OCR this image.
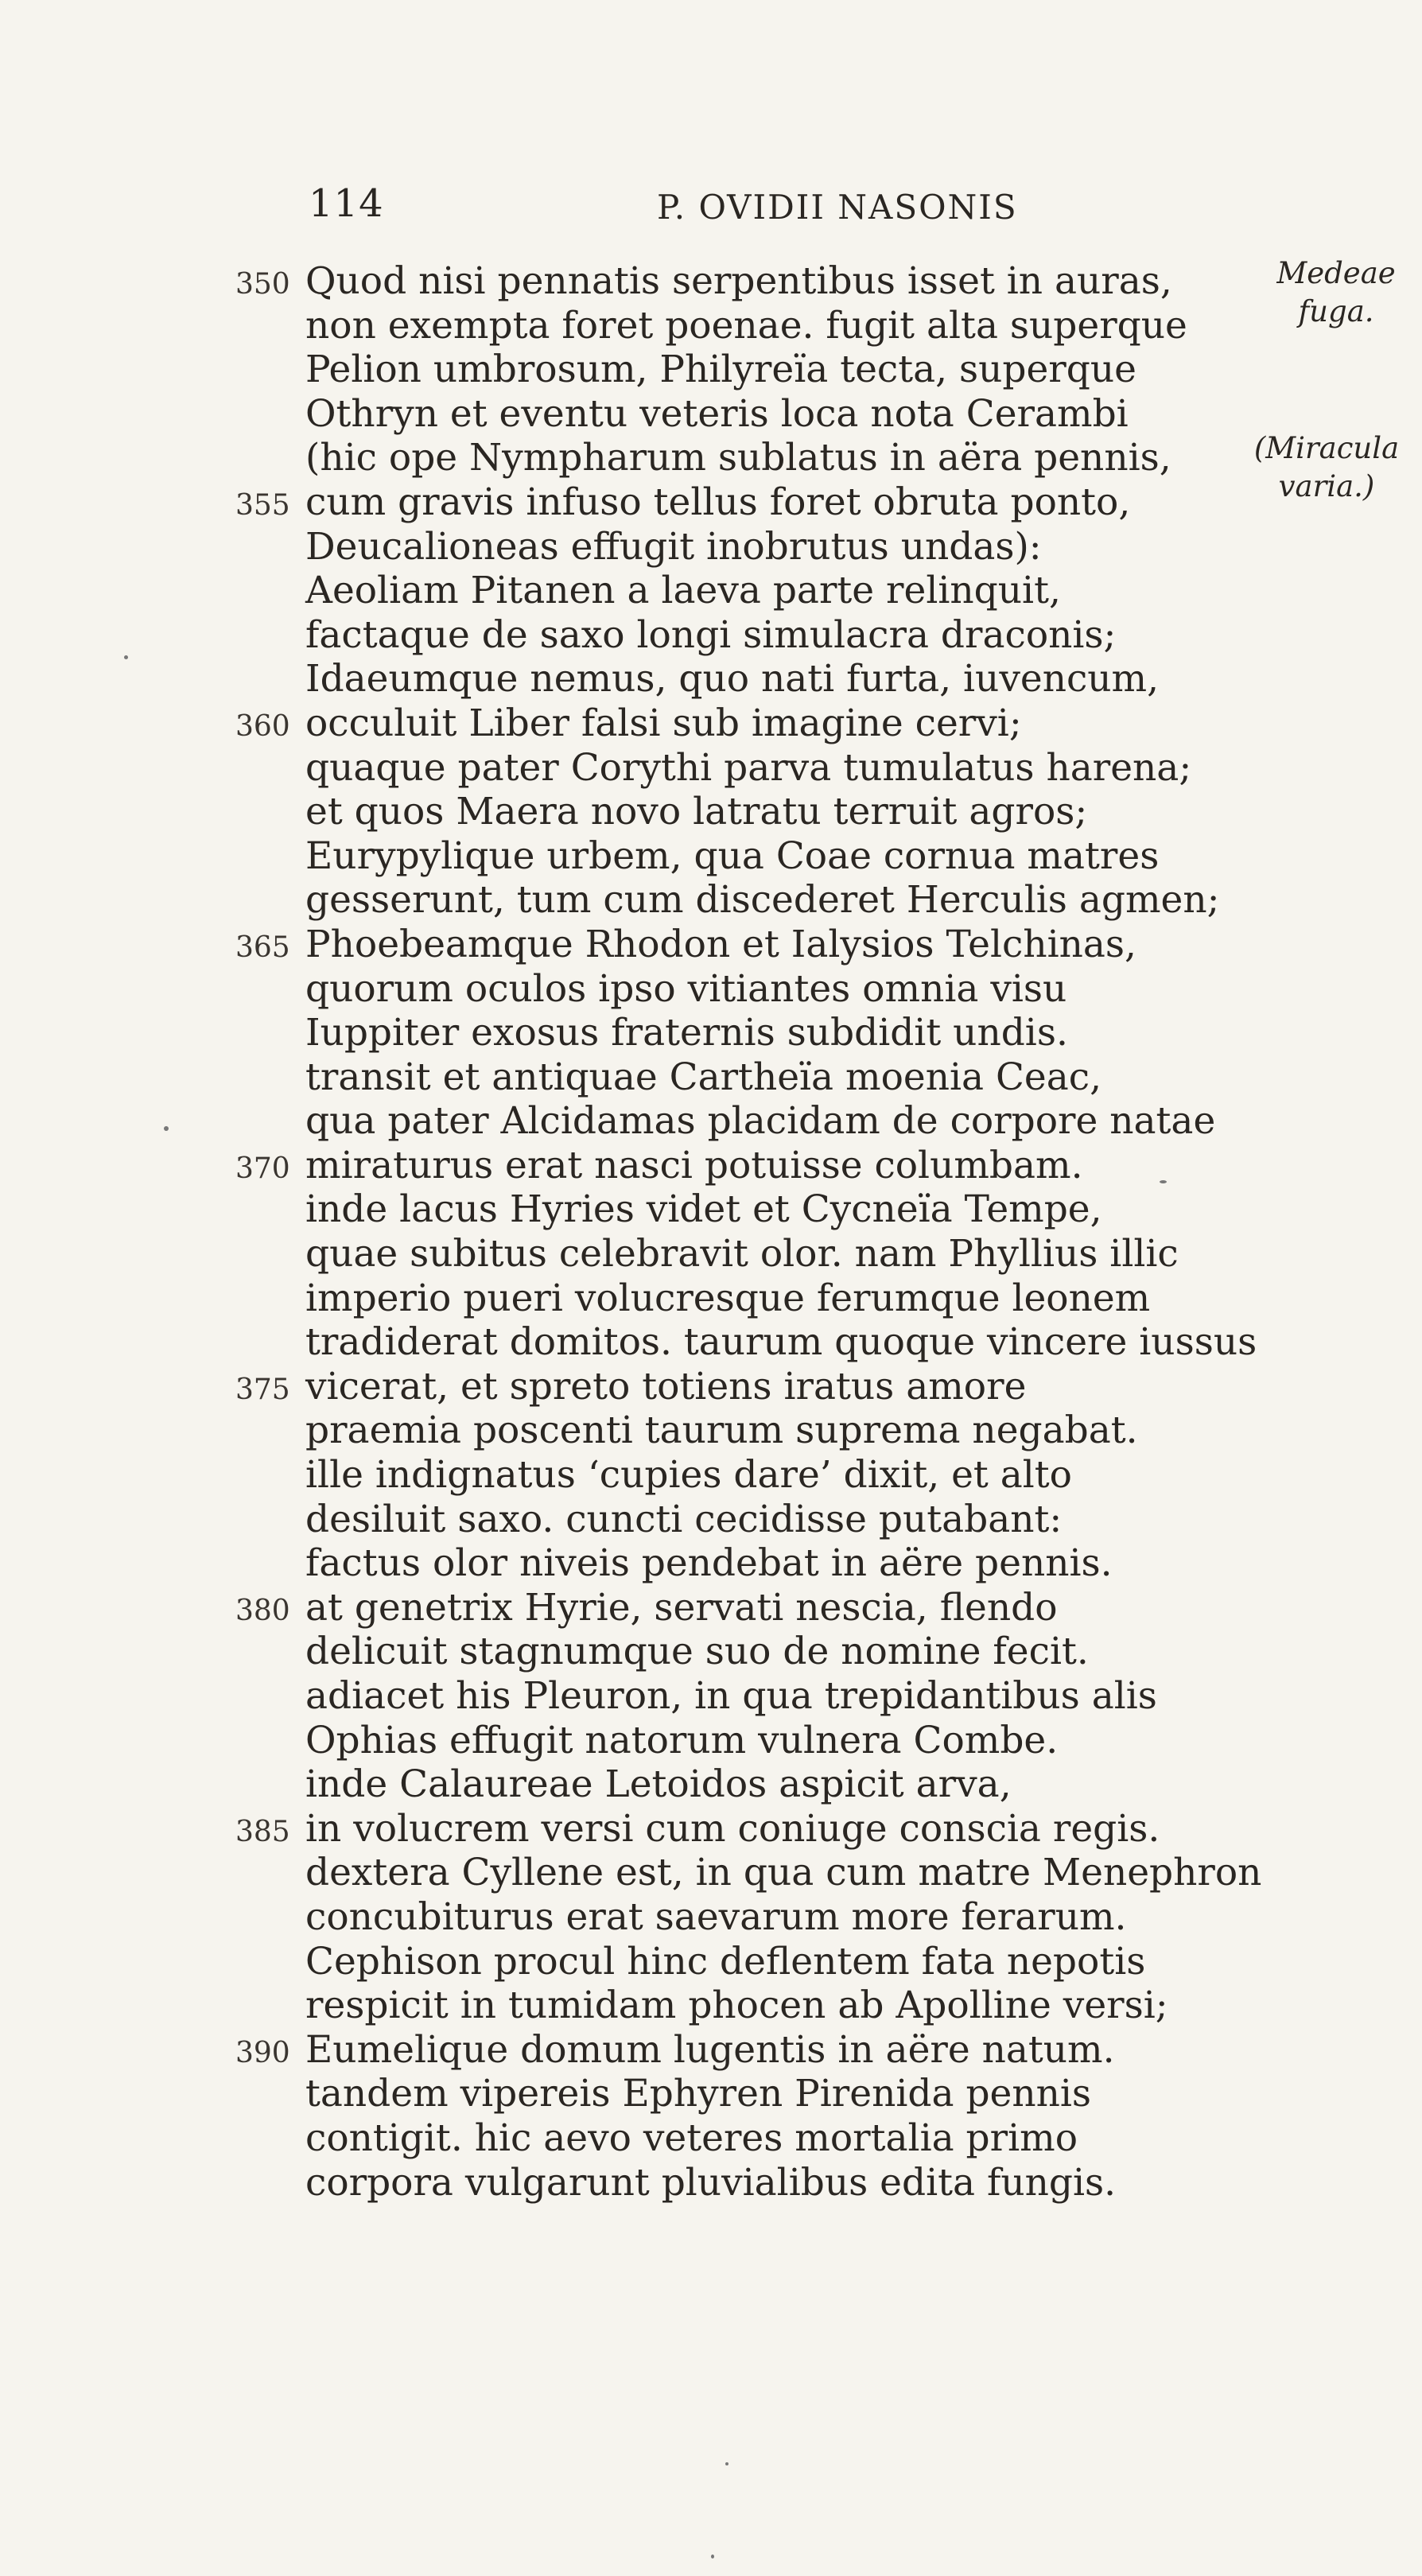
114	P. OVIDII NASONIS
350 Quod nisi pennatis serpentibus isset in auras,
non exempta foret poenae. fugit alta superque
Pelion umbrosum, Philyreïa tecta, superque
Othryn et eventu veteris loca nota Cerambi
(hic ope Nympharum sublatus in aëra pennis,
355 cum gravis infuso tellus foret obruta ponto,
Deucalioneas effugit inobrutus undas):
Aeoliam Pitanen a laeva parte relinquit,
factaque de saxo longi simulacra draconis;
Idaeumque nemus, quo nati furta, iuvencum,
360 occuluit Liber falsi sub imagine cervi;
quaque pater Corythi parva tumulatus harena;
et quos Maera novo latratu terruit agros;
Eurypylique urbem, qua Coae cornua matres
gesserunt, tum cum discederet Herculis agmen;
365 Phoebeamque Rhodon et Ialysios Telchinas,
quorum oculos ipso vitiantes omnia visu
Iuppiter exosus fraternis subdidit undis.
transit et antiquae Cartheïa moenia Ceac,
qua pater Alcidamas placidam de corpore natae
370 miraturus erat nasci potuisse columbam.
inde lacus Hyries videt et Cycneïa Tempe,
quae subitus celebravit olor. nam Phyllius illic
imperio pueri volucresque ferumque leonem
tradiderat domitos. taurum quoque vincere iussus
375 vicerat, et spreto totiens iratus amore
praemia poscenti taurum suprema negabat.
ille indignatus ‘cupies dare’ dixit, et alto
desiluit saxo. cuncti cecidisse putabant:
factus olor niveis pendebat in aëre pennis.
380 at genetrix Hyrie, servati nescia, flendo
delicuit stagnumque suo de nomine fecit.
adiacet his Pleuron, in qua trepidantibus alis
Ophias effugit natorum vulnera Combe.
inde Calaureae Letoidos aspicit arva,
385 in volucrem versi cum coniuge conscia regis.
dextera Cyllene est, in qua cum matre Menephron
concubiturus erat saevarum more ferarum.
Cephison procul hinc deflentem fata nepotis
respicit in tumidam phocen ab Apolline versi;
390 Eumelique domum lugentis in aëre natum.
tandem vipereis Ephyren Pirenida pennis
contigit. hic aevo veteres mortalia primo
corpora vulgarunt pluvialibus edita fungis.
Medeae
fuga.
(Miracula
varia.)
